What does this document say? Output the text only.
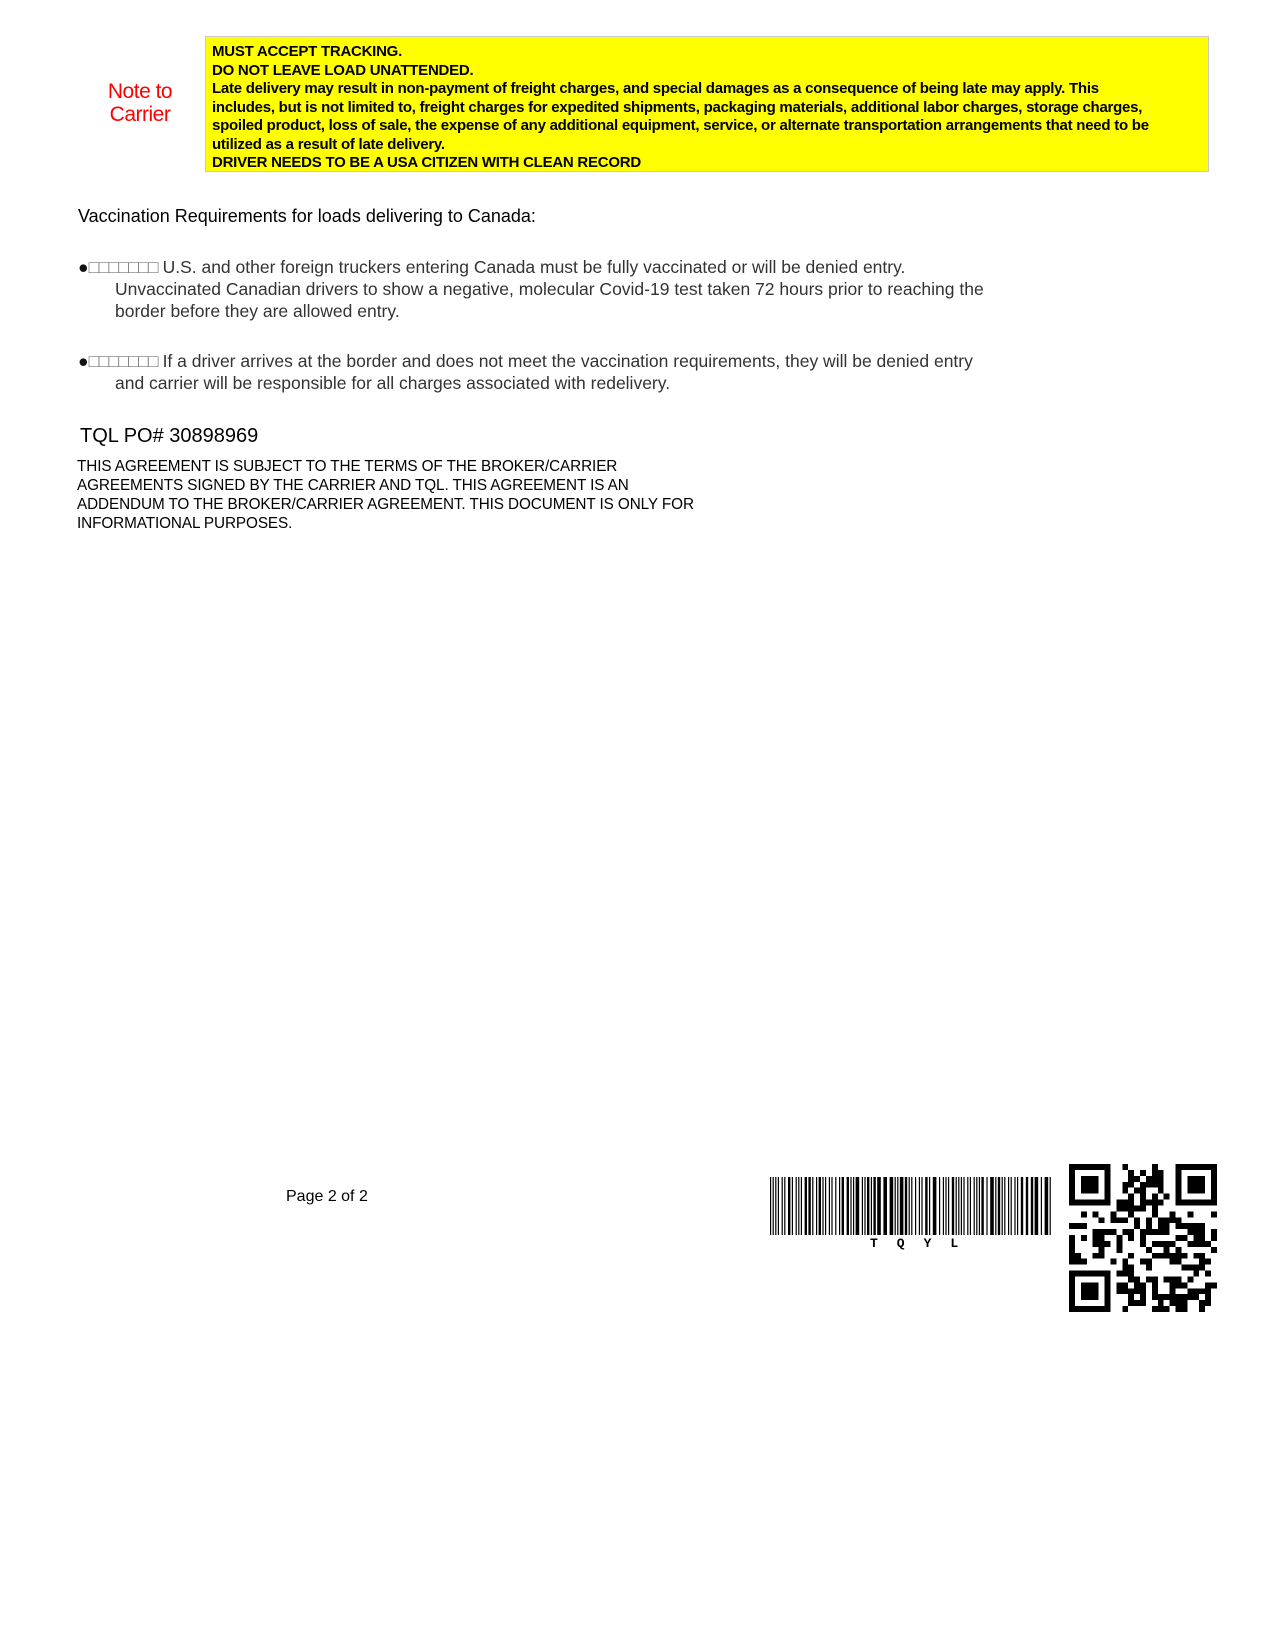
Note to
Carrier
MUST ACCEPT TRACKING.
DO NOT LEAVE LOAD UNATTENDED.
Late delivery may result in non-payment of freight charges, and special damages as a consequence of being late may apply. This
includes, but is not limited to, freight charges for expedited shipments, packaging materials, additional labor charges, storage charges,
spoiled product, loss of sale, the expense of any additional equipment, service, or alternate transportation arrangements that need to be
utilized as a result of late delivery.
DRIVER NEEDS TO BE A USA CITIZEN WITH CLEAN RECORD
Vaccination Requirements for loads delivering to Canada:
●□□□□□□□ U.S. and other foreign truckers entering Canada must be fully vaccinated or will be denied entry.
Unvaccinated Canadian drivers to show a negative, molecular Covid-19 test taken 72 hours prior to reaching the
border before they are allowed entry.
●□□□□□□□ If a driver arrives at the border and does not meet the vaccination requirements, they will be denied entry
and carrier will be responsible for all charges associated with redelivery.
TQL PO# 30898969
THIS AGREEMENT IS SUBJECT TO THE TERMS OF THE BROKER/CARRIER
AGREEMENTS SIGNED BY THE CARRIER AND TQL. THIS AGREEMENT IS AN
ADDENDUM TO THE BROKER/CARRIER AGREEMENT. THIS DOCUMENT IS ONLY FOR
INFORMATIONAL PURPOSES.
Page 2 of 2
TQYL
